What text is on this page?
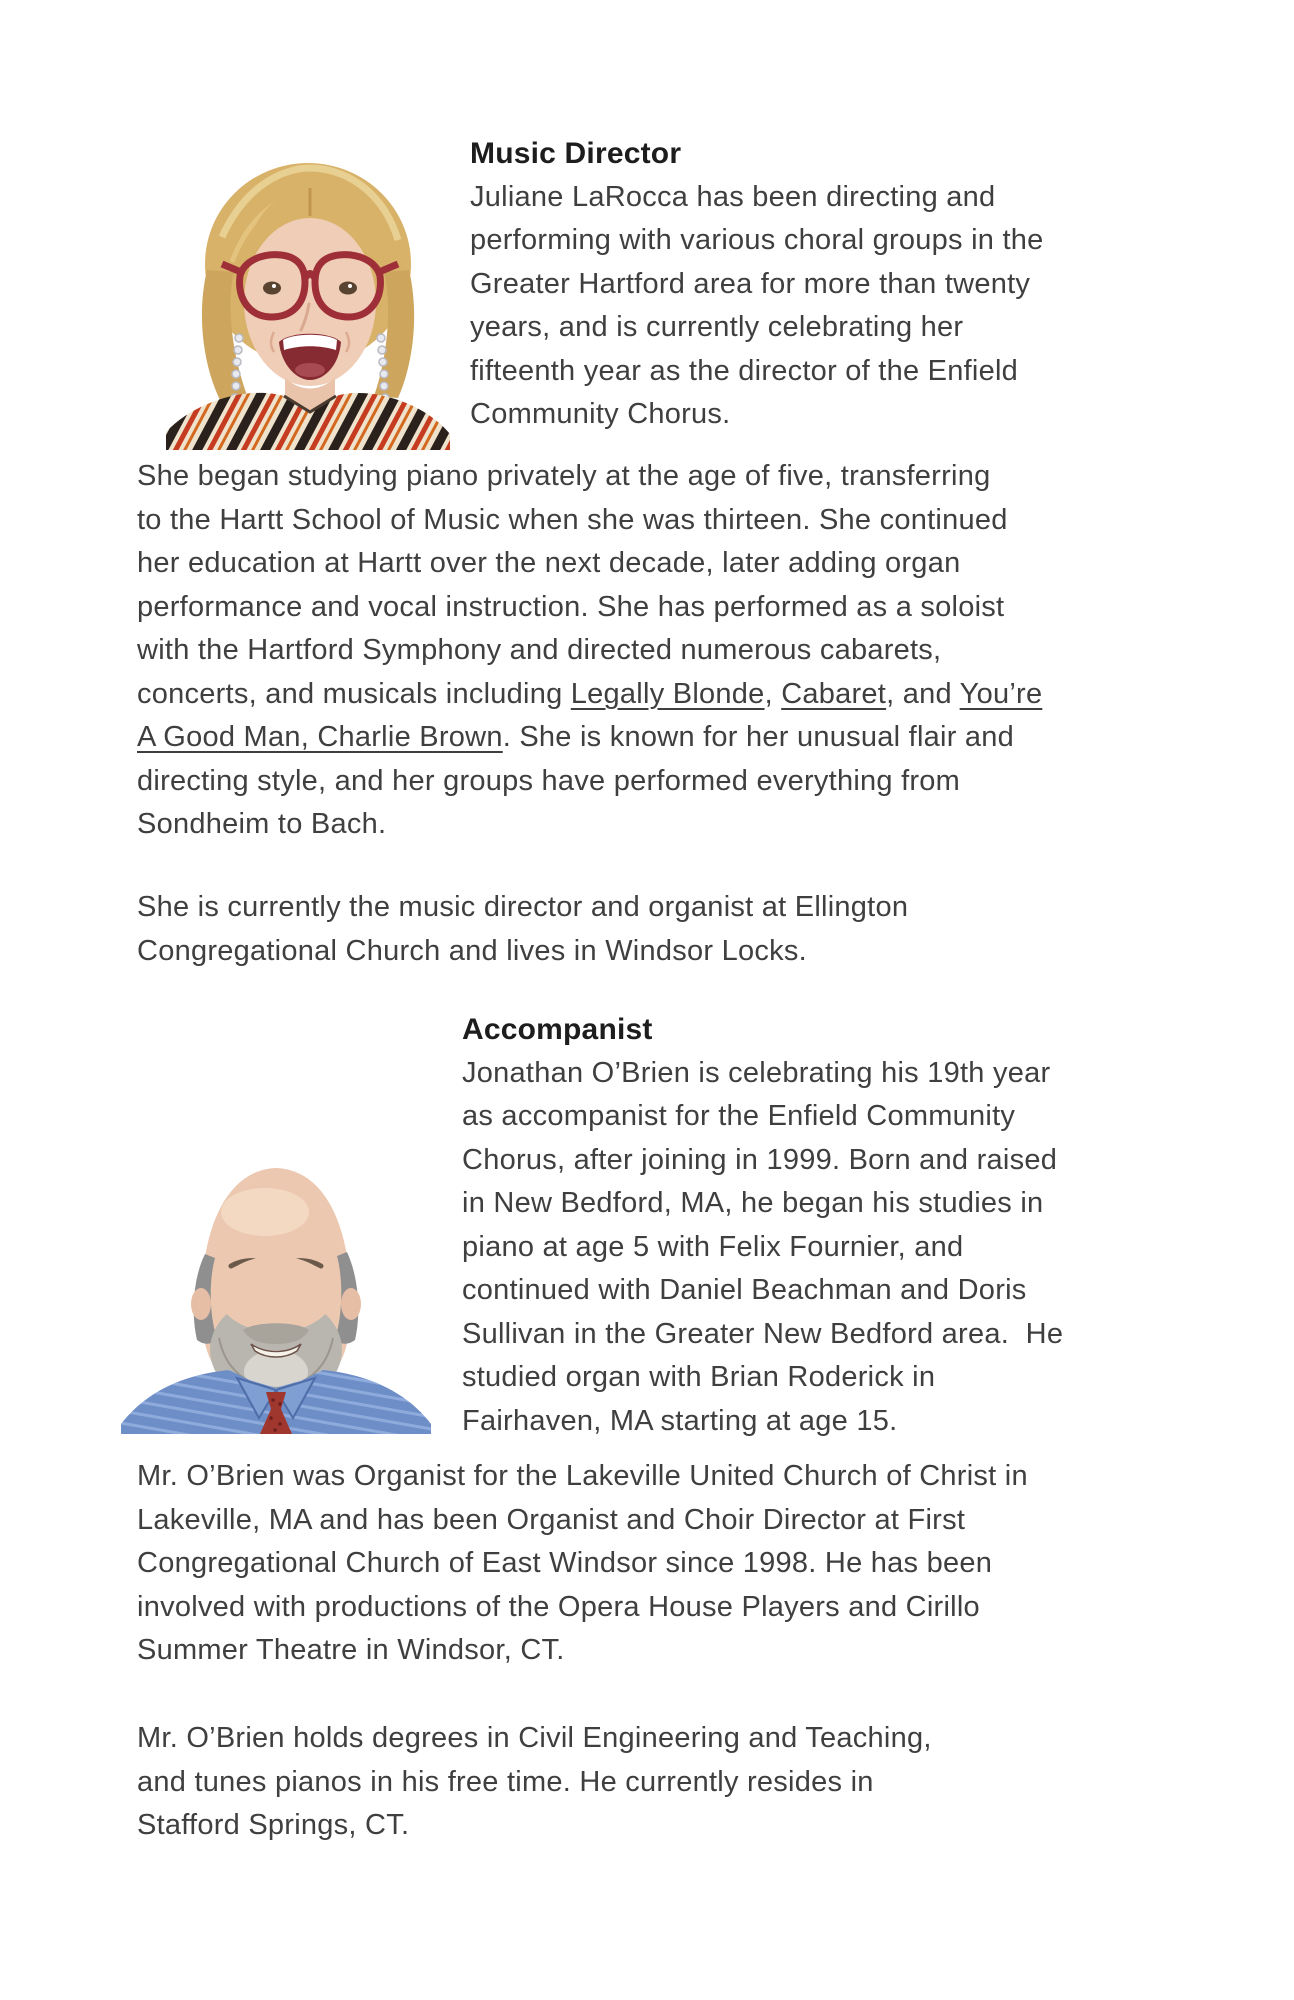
Music Director
Juliane LaRocca has been directing and
performing with various choral groups in the
Greater Hartford area for more than twenty
years, and is currently celebrating her
fifteenth year as the director of the Enfield
Community Chorus.
She began studying piano privately at the age of five, transferring
to the Hartt School of Music when she was thirteen. She continued
her education at Hartt over the next decade, later adding organ
performance and vocal instruction. She has performed as a soloist
with the Hartford Symphony and directed numerous cabarets,
concerts, and musicals including Legally Blonde, Cabaret, and You’re
A Good Man, Charlie Brown. She is known for her unusual flair and
directing style, and her groups have performed everything from
Sondheim to Bach.
She is currently the music director and organist at Ellington
Congregational Church and lives in Windsor Locks.
Accompanist
Jonathan O’Brien is celebrating his 19th year
as accompanist for the Enfield Community
Chorus, after joining in 1999. Born and raised
in New Bedford, MA, he began his studies in
piano at age 5 with Felix Fournier, and
continued with Daniel Beachman and Doris
Sullivan in the Greater New Bedford area.  He
studied organ with Brian Roderick in
Fairhaven, MA starting at age 15.
Mr. O’Brien was Organist for the Lakeville United Church of Christ in
Lakeville, MA and has been Organist and Choir Director at First
Congregational Church of East Windsor since 1998. He has been
involved with productions of the Opera House Players and Cirillo
Summer Theatre in Windsor, CT.
Mr. O’Brien holds degrees in Civil Engineering and Teaching,
and tunes pianos in his free time. He currently resides in
Stafford Springs, CT.
